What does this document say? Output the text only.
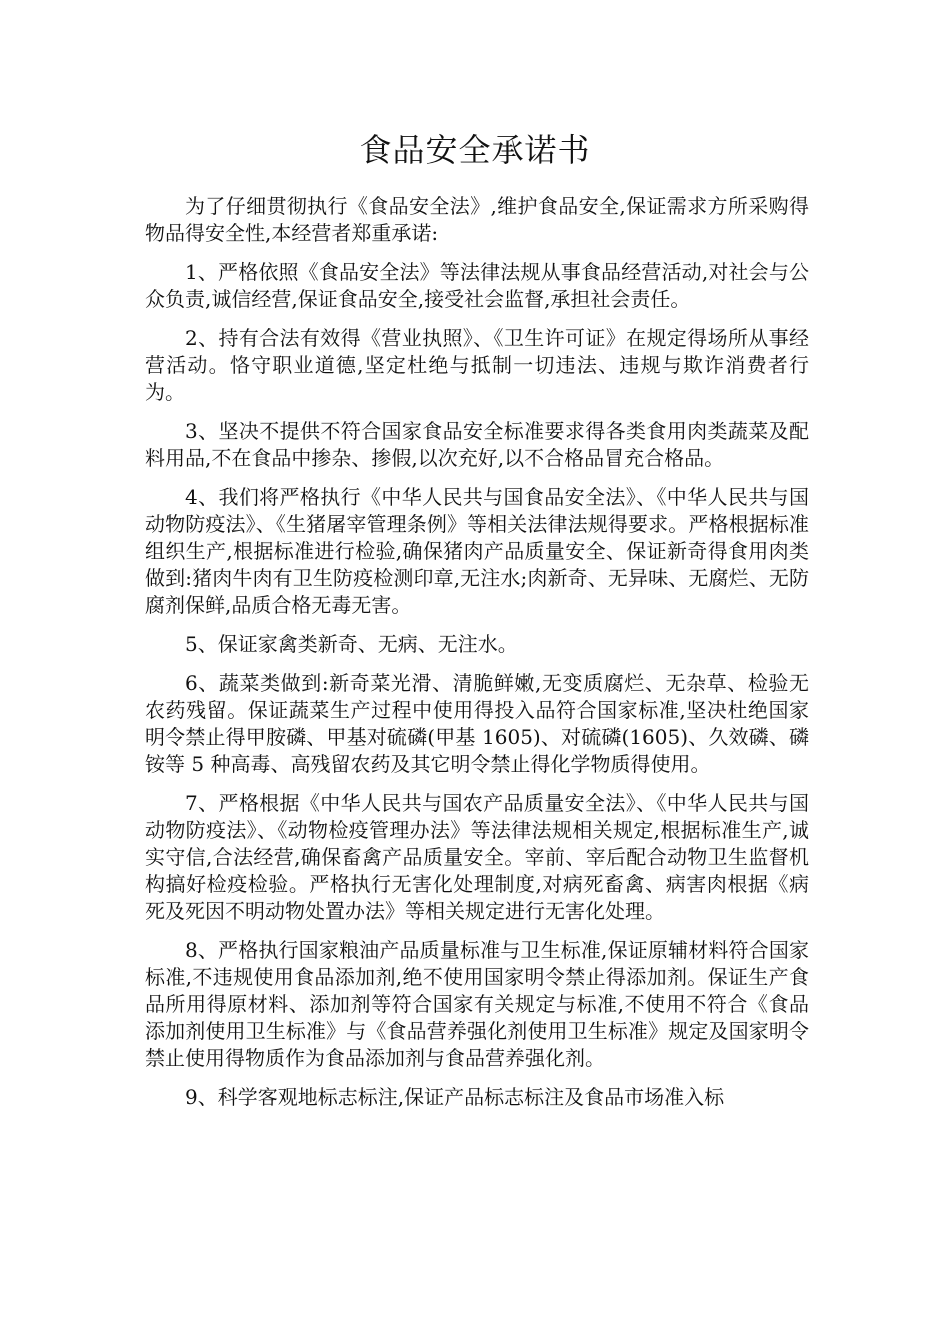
食品安全承诺书

为了仔细贯彻执行《食品安全法》,维护食品安全,保证需求方所采购得物品得安全性,本经营者郑重承诺:

1、严格依照《食品安全法》等法律法规从事食品经营活动,对社会与公众负责,诚信经营,保证食品安全,接受社会监督,承担社会责任。

2、持有合法有效得《营业执照》、《卫生许可证》在规定得场所从事经营活动。恪守职业道德,坚定杜绝与抵制一切违法、违规与欺诈消费者行为。

3、坚决不提供不符合国家食品安全标准要求得各类食用肉类蔬菜及配料用品,不在食品中掺杂、掺假,以次充好,以不合格品冒充合格品。

4、我们将严格执行《中华人民共与国食品安全法》、《中华人民共与国动物防疫法》、《生猪屠宰管理条例》等相关法律法规得要求。严格根据标准组织生产,根据标准进行检验,确保猪肉产品质量安全、保证新奇得食用肉类做到:猪肉牛肉有卫生防疫检测印章,无注水;肉新奇、无异味、无腐烂、无防腐剂保鲜,品质合格无毒无害。

5、保证家禽类新奇、无病、无注水。

6、蔬菜类做到:新奇菜光滑、清脆鲜嫩,无变质腐烂、无杂草、检验无农药残留。保证蔬菜生产过程中使用得投入品符合国家标准,坚决杜绝国家明令禁止得甲胺磷、甲基对硫磷(甲基 1605)、对硫磷(1605)、久效磷、磷铵等 5 种高毒、高残留农药及其它明令禁止得化学物质得使用。

7、严格根据《中华人民共与国农产品质量安全法》、《中华人民共与国动物防疫法》、《动物检疫管理办法》等法律法规相关规定,根据标准生产,诚实守信,合法经营,确保畜禽产品质量安全。宰前、宰后配合动物卫生监督机构搞好检疫检验。严格执行无害化处理制度,对病死畜禽、病害肉根据《病死及死因不明动物处置办法》等相关规定进行无害化处理。

8、严格执行国家粮油产品质量标准与卫生标准,保证原辅材料符合国家标准,不违规使用食品添加剂,绝不使用国家明令禁止得添加剂。保证生产食品所用得原材料、添加剂等符合国家有关规定与标准,不使用不符合《食品添加剂使用卫生标准》与《食品营养强化剂使用卫生标准》规定及国家明令禁止使用得物质作为食品添加剂与食品营养强化剂。

9、科学客观地标志标注,保证产品标志标注及食品市场准入标
